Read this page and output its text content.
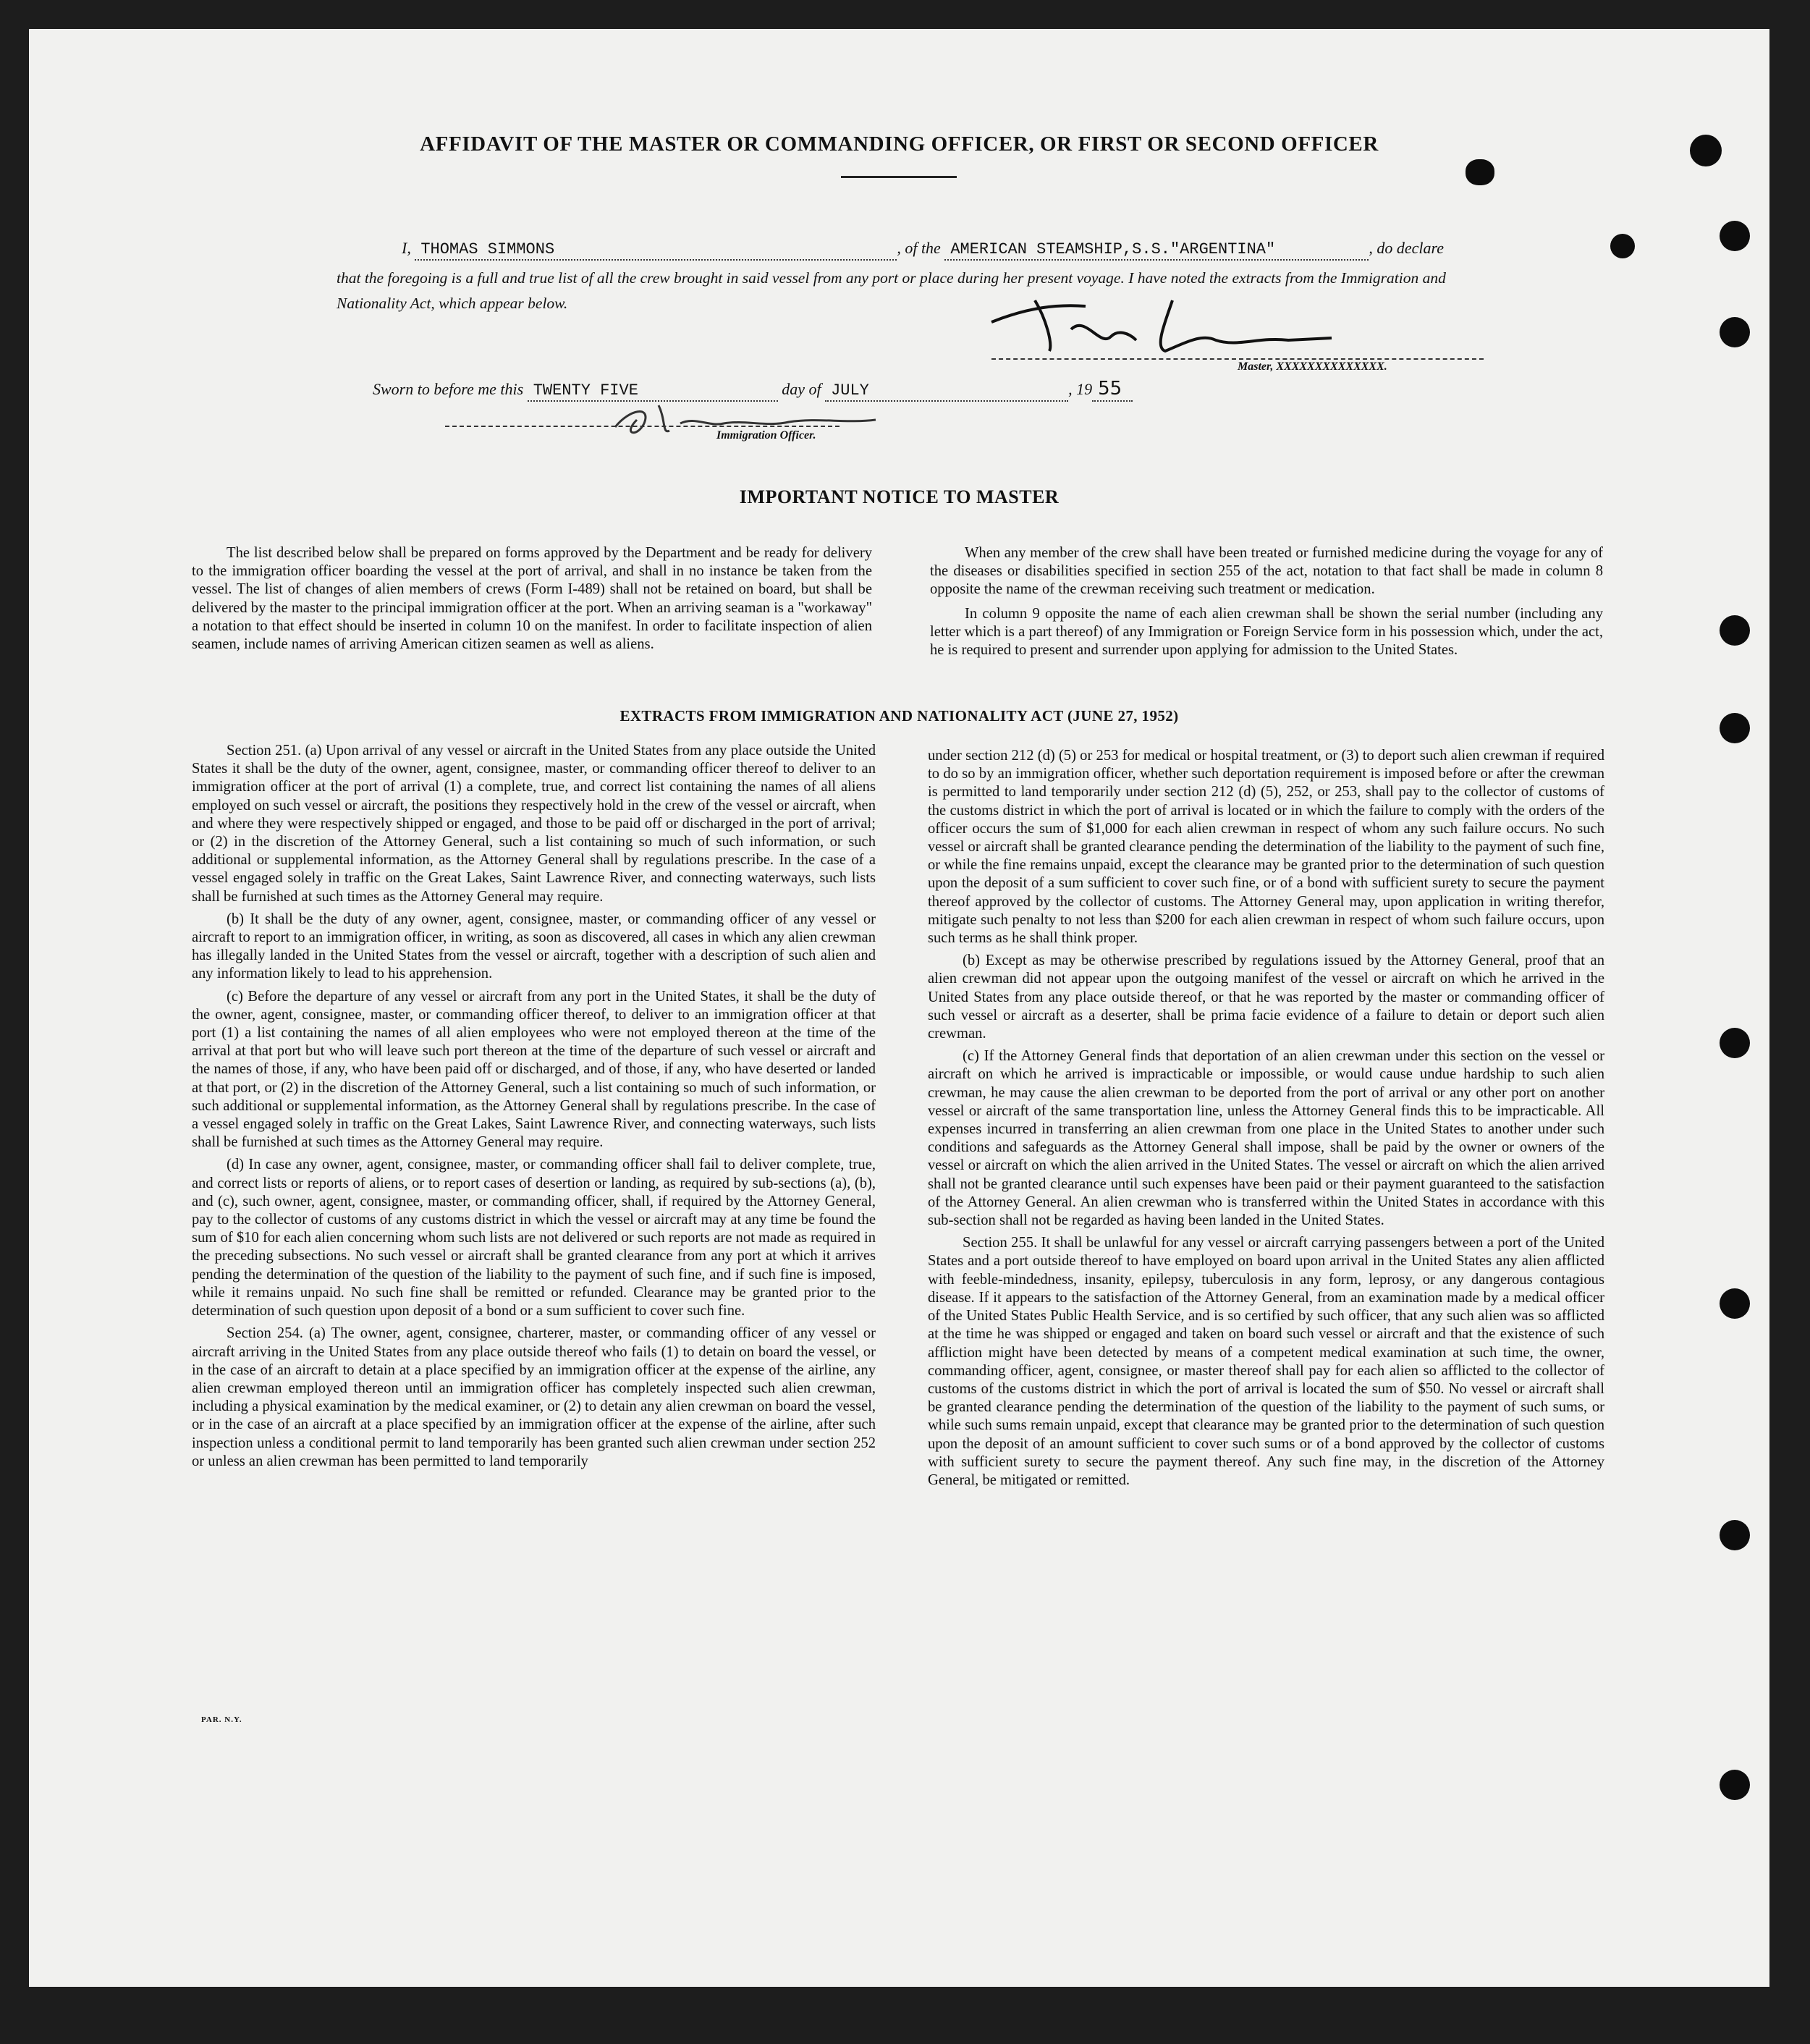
AFFIDAVIT OF THE MASTER OR COMMANDING OFFICER, OR FIRST OR SECOND OFFICER
I, THOMAS SIMMONS	, of the AMERICAN STEAMSHIP,S.S."ARGENTINA"	, do declare
that the foregoing is a full and true list of all the crew brought in said vessel from any port or place during her present voyage. I have noted the extracts from the Immigration and Nationality Act, which appear below.
Master, XXXXXXXXXXXXXX.
Sworn to before me this TWENTY FIVE	day of JULY	, 19 55
Immigration Officer.
IMPORTANT NOTICE TO MASTER

The list described below shall be prepared on forms approved by the Department and be ready for delivery to the immigration officer boarding the vessel at the port of arrival, and shall in no instance be taken from the vessel. The list of changes of alien members of crews (Form I-489) shall not be retained on board, but shall be delivered by the master to the principal immigration officer at the port. When an arriving seaman is a "workaway" a notation to that effect should be inserted in column 10 on the manifest. In order to facilitate inspection of alien seamen, include names of arriving American citizen seamen as well as aliens.

When any member of the crew shall have been treated or furnished medicine during the voyage for any of the diseases or disabilities specified in section 255 of the act, notation to that fact shall be made in column 8 opposite the name of the crewman receiving such treatment or medication.

In column 9 opposite the name of each alien crewman shall be shown the serial number (including any letter which is a part thereof) of any Immigration or Foreign Service form in his possession which, under the act, he is required to present and surrender upon applying for admission to the United States.

EXTRACTS FROM IMMIGRATION AND NATIONALITY ACT (JUNE 27, 1952)

Section 251. (a) Upon arrival of any vessel or aircraft in the United States from any place outside the United States it shall be the duty of the owner, agent, consignee, master, or commanding officer thereof to deliver to an immigration officer at the port of arrival (1) a complete, true, and correct list containing the names of all aliens employed on such vessel or aircraft, the positions they respectively hold in the crew of the vessel or aircraft, when and where they were respectively shipped or engaged, and those to be paid off or discharged in the port of arrival; or (2) in the discretion of the Attorney General, such a list containing so much of such information, or such additional or supplemental information, as the Attorney General shall by regulations prescribe. In the case of a vessel engaged solely in traffic on the Great Lakes, Saint Lawrence River, and connecting waterways, such lists shall be furnished at such times as the Attorney General may require.

(b) It shall be the duty of any owner, agent, consignee, master, or commanding officer of any vessel or aircraft to report to an immigration officer, in writing, as soon as discovered, all cases in which any alien crewman has illegally landed in the United States from the vessel or aircraft, together with a description of such alien and any information likely to lead to his apprehension.

(c) Before the departure of any vessel or aircraft from any port in the United States, it shall be the duty of the owner, agent, consignee, master, or commanding officer thereof, to deliver to an immigration officer at that port (1) a list containing the names of all alien employees who were not employed thereon at the time of the arrival at that port but who will leave such port thereon at the time of the departure of such vessel or aircraft and the names of those, if any, who have been paid off or discharged, and of those, if any, who have deserted or landed at that port, or (2) in the discretion of the Attorney General, such a list containing so much of such information, or such additional or supplemental information, as the Attorney General shall by regulations prescribe. In the case of a vessel engaged solely in traffic on the Great Lakes, Saint Lawrence River, and connecting waterways, such lists shall be furnished at such times as the Attorney General may require.

(d) In case any owner, agent, consignee, master, or commanding officer shall fail to deliver complete, true, and correct lists or reports of aliens, or to report cases of desertion or landing, as required by sub-sections (a), (b), and (c), such owner, agent, consignee, master, or commanding officer, shall, if required by the Attorney General, pay to the collector of customs of any customs district in which the vessel or aircraft may at any time be found the sum of $10 for each alien concerning whom such lists are not delivered or such reports are not made as required in the preceding subsections. No such vessel or aircraft shall be granted clearance from any port at which it arrives pending the determination of the question of the liability to the payment of such fine, and if such fine is imposed, while it remains unpaid. No such fine shall be remitted or refunded. Clearance may be granted prior to the determination of such question upon deposit of a bond or a sum sufficient to cover such fine.

Section 254. (a) The owner, agent, consignee, charterer, master, or commanding officer of any vessel or aircraft arriving in the United States from any place outside thereof who fails (1) to detain on board the vessel, or in the case of an aircraft to detain at a place specified by an immigration officer at the expense of the airline, any alien crewman employed thereon until an immigration officer has completely inspected such alien crewman, including a physical examination by the medical examiner, or (2) to detain any alien crewman on board the vessel, or in the case of an aircraft at a place specified by an immigration officer at the expense of the airline, after such inspection unless a conditional permit to land temporarily has been granted such alien crewman under section 252 or unless an alien crewman has been permitted to land temporarily

under section 212 (d) (5) or 253 for medical or hospital treatment, or (3) to deport such alien crewman if required to do so by an immigration officer, whether such deportation requirement is imposed before or after the crewman is permitted to land temporarily under section 212 (d) (5), 252, or 253, shall pay to the collector of customs of the customs district in which the port of arrival is located or in which the failure to comply with the orders of the officer occurs the sum of $1,000 for each alien crewman in respect of whom any such failure occurs. No such vessel or aircraft shall be granted clearance pending the determination of the liability to the payment of such fine, or while the fine remains unpaid, except the clearance may be granted prior to the determination of such question upon the deposit of a sum sufficient to cover such fine, or of a bond with sufficient surety to secure the payment thereof approved by the collector of customs. The Attorney General may, upon application in writing therefor, mitigate such penalty to not less than $200 for each alien crewman in respect of whom such failure occurs, upon such terms as he shall think proper.

(b) Except as may be otherwise prescribed by regulations issued by the Attorney General, proof that an alien crewman did not appear upon the outgoing manifest of the vessel or aircraft on which he arrived in the United States from any place outside thereof, or that he was reported by the master or commanding officer of such vessel or aircraft as a deserter, shall be prima facie evidence of a failure to detain or deport such alien crewman.

(c) If the Attorney General finds that deportation of an alien crewman under this section on the vessel or aircraft on which he arrived is impracticable or impossible, or would cause undue hardship to such alien crewman, he may cause the alien crewman to be deported from the port of arrival or any other port on another vessel or aircraft of the same transportation line, unless the Attorney General finds this to be impracticable. All expenses incurred in transferring an alien crewman from one place in the United States to another under such conditions and safeguards as the Attorney General shall impose, shall be paid by the owner or owners of the vessel or aircraft on which the alien arrived in the United States. The vessel or aircraft on which the alien arrived shall not be granted clearance until such expenses have been paid or their payment guaranteed to the satisfaction of the Attorney General. An alien crewman who is transferred within the United States in accordance with this sub-section shall not be regarded as having been landed in the United States.

Section 255. It shall be unlawful for any vessel or aircraft carrying passengers between a port of the United States and a port outside thereof to have employed on board upon arrival in the United States any alien afflicted with feeble-mindedness, insanity, epilepsy, tuberculosis in any form, leprosy, or any dangerous contagious disease. If it appears to the satisfaction of the Attorney General, from an examination made by a medical officer of the United States Public Health Service, and is so certified by such officer, that any such alien was so afflicted at the time he was shipped or engaged and taken on board such vessel or aircraft and that the existence of such affliction might have been detected by means of a competent medical examination at such time, the owner, commanding officer, agent, consignee, or master thereof shall pay for each alien so afflicted to the collector of customs of the customs district in which the port of arrival is located the sum of $50. No vessel or aircraft shall be granted clearance pending the determination of the question of the liability to the payment of such sums, or while such sums remain unpaid, except that clearance may be granted prior to the determination of such question upon the deposit of an amount sufficient to cover such sums or of a bond approved by the collector of customs with sufficient surety to secure the payment thereof. Any such fine may, in the discretion of the Attorney General, be mitigated or remitted.

PAR. N.Y.
